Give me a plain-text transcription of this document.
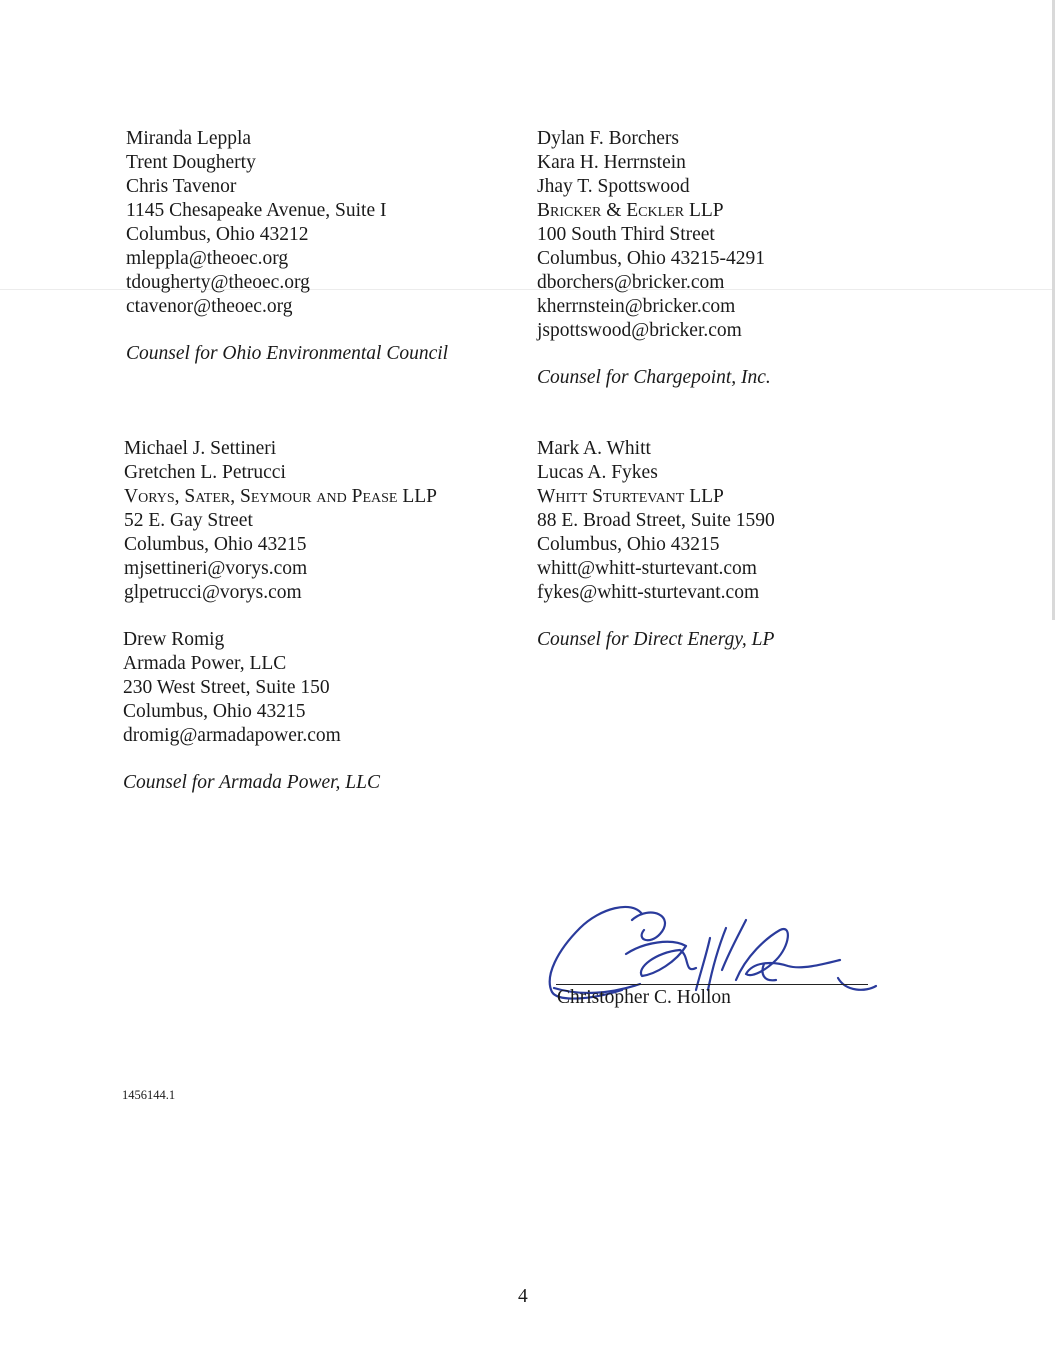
Miranda Leppla
Trent Dougherty
Chris Tavenor
1145 Chesapeake Avenue, Suite I
Columbus, Ohio 43212
mleppla@theoec.org
tdougherty@theoec.org
ctavenor@theoec.org
Counsel for Ohio Environmental Council
Dylan F. Borchers
Kara H. Herrnstein
Jhay T. Spottswood
Bricker & Eckler LLP
100 South Third Street
Columbus, Ohio 43215-4291
dborchers@bricker.com
kherrnstein@bricker.com
jspottswood@bricker.com
Counsel for Chargepoint, Inc.
Michael J. Settineri
Gretchen L. Petrucci
Vorys, Sater, Seymour and Pease LLP
52 E. Gay Street
Columbus, Ohio 43215
mjsettineri@vorys.com
glpetrucci@vorys.com
Mark A. Whitt
Lucas A. Fykes
Whitt Sturtevant LLP
88 E. Broad Street, Suite 1590
Columbus, Ohio 43215
whitt@whitt-sturtevant.com
fykes@whitt-sturtevant.com
Counsel for Direct Energy, LP
Drew Romig
Armada Power, LLC
230 West Street, Suite 150
Columbus, Ohio 43215
dromig@armadapower.com
Counsel for Armada Power, LLC
Christopher C. Hollon
1456144.1
4
